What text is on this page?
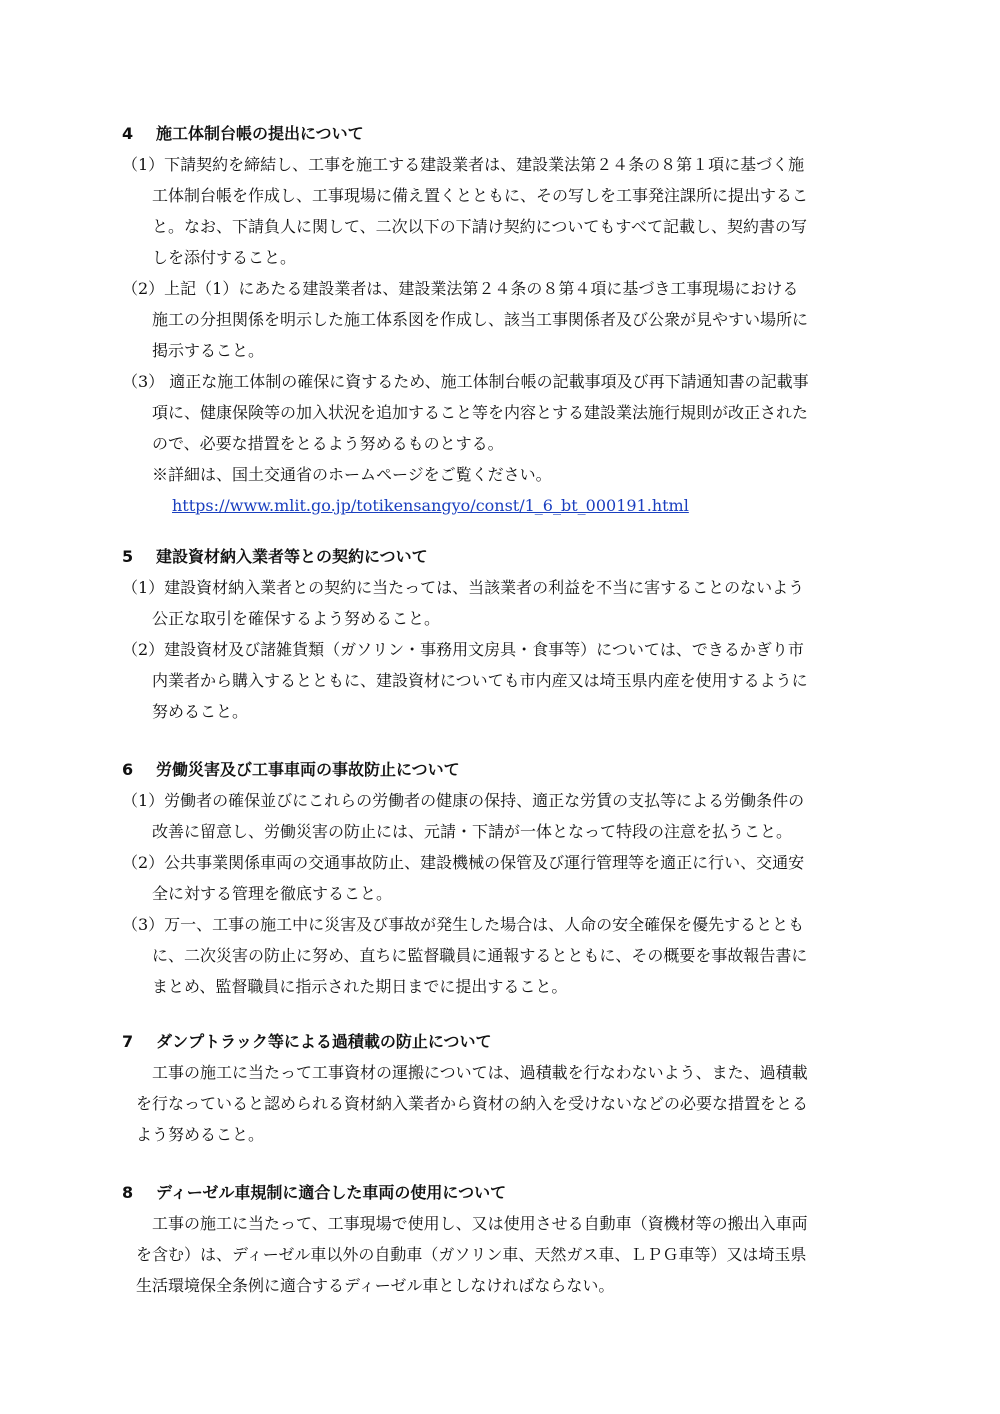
4 施工体制台帳の提出について

（1）下請契約を締結し、工事を施工する建設業者は、建設業法第２４条の８第１項に基づく施

工体制台帳を作成し、工事現場に備え置くとともに、その写しを工事発注課所に提出するこ

と。なお、下請負人に関して、二次以下の下請け契約についてもすべて記載し、契約書の写

しを添付すること。

（2）上記（1）にあたる建設業者は、建設業法第２４条の８第４項に基づき工事現場における

施工の分担関係を明示した施工体系図を作成し、該当工事関係者及び公衆が見やすい場所に

掲示すること。

（3） 適正な施工体制の確保に資するため、施工体制台帳の記載事項及び再下請通知書の記載事

項に、健康保険等の加入状況を追加すること等を内容とする建設業法施行規則が改正された

ので、必要な措置をとるよう努めるものとする。

※詳細は、国土交通省のホームページをご覧ください。

https://www.mlit.go.jp/totikensangyo/const/1_6_bt_000191.html

5 建設資材納入業者等との契約について

（1）建設資材納入業者との契約に当たっては、当該業者の利益を不当に害することのないよう

公正な取引を確保するよう努めること。

（2）建設資材及び諸雑貨類（ガソリン・事務用文房具・食事等）については、できるかぎり市

内業者から購入するとともに、建設資材についても市内産又は埼玉県内産を使用するように

努めること。

6 労働災害及び工事車両の事故防止について

（1）労働者の確保並びにこれらの労働者の健康の保持、適正な労賃の支払等による労働条件の

改善に留意し、労働災害の防止には、元請・下請が一体となって特段の注意を払うこと。

（2）公共事業関係車両の交通事故防止、建設機械の保管及び運行管理等を適正に行い、交通安

全に対する管理を徹底すること。

（3）万一、工事の施工中に災害及び事故が発生した場合は、人命の安全確保を優先するととも

に、二次災害の防止に努め、直ちに監督職員に通報するとともに、その概要を事故報告書に

まとめ、監督職員に指示された期日までに提出すること。

7 ダンプトラック等による過積載の防止について

工事の施工に当たって工事資材の運搬については、過積載を行なわないよう、また、過積載

を行なっていると認められる資材納入業者から資材の納入を受けないなどの必要な措置をとる

よう努めること。

8 ディーゼル車規制に適合した車両の使用について

工事の施工に当たって、工事現場で使用し、又は使用させる自動車（資機材等の搬出入車両

を含む）は、ディーゼル車以外の自動車（ガソリン車、天然ガス車、ＬＰＧ車等）又は埼玉県

生活環境保全条例に適合するディーゼル車としなければならない。
